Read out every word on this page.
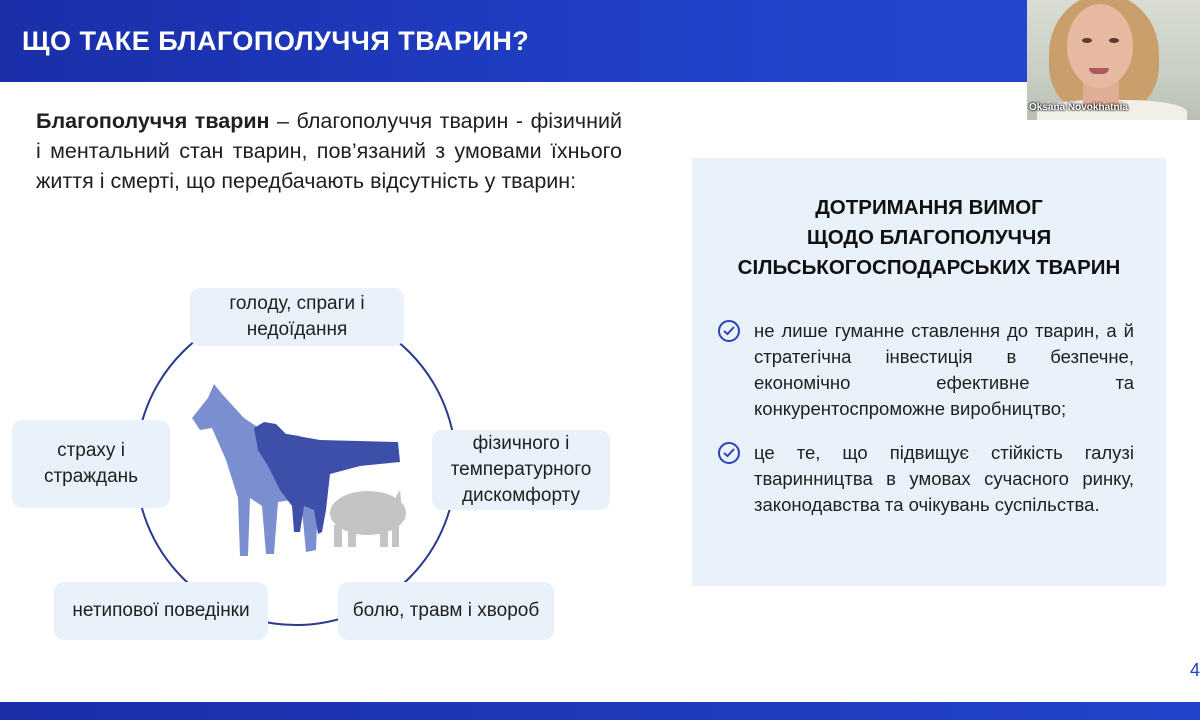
ЩО ТАКЕ БЛАГОПОЛУЧЧЯ ТВАРИН?
Oksana Novokhatnia
Благополуччя тварин – благополуччя тварин - фізичний і ментальний стан тварин, пов’язаний з умовами їхнього життя і смерті, що передбачають відсутність у тварин:
голоду, спраги і недоїдання
фізичного і температурного дискомфорту
болю, травм і хвороб
нетипової поведінки
страху і страждань
ДОТРИМАННЯ ВИМОГ
ЩОДО БЛАГОПОЛУЧЧЯ
СІЛЬСЬКОГОСПОДАРСЬКИХ ТВАРИН
не лише гуманне ставлення до тварин, а й стратегічна інвестиція в безпечне, економічно ефективне та конкурентоспроможне виробництво;
це те, що підвищує стійкість галузі тваринництва в умовах сучасного ринку, законодавства та очікувань суспільства.
4
